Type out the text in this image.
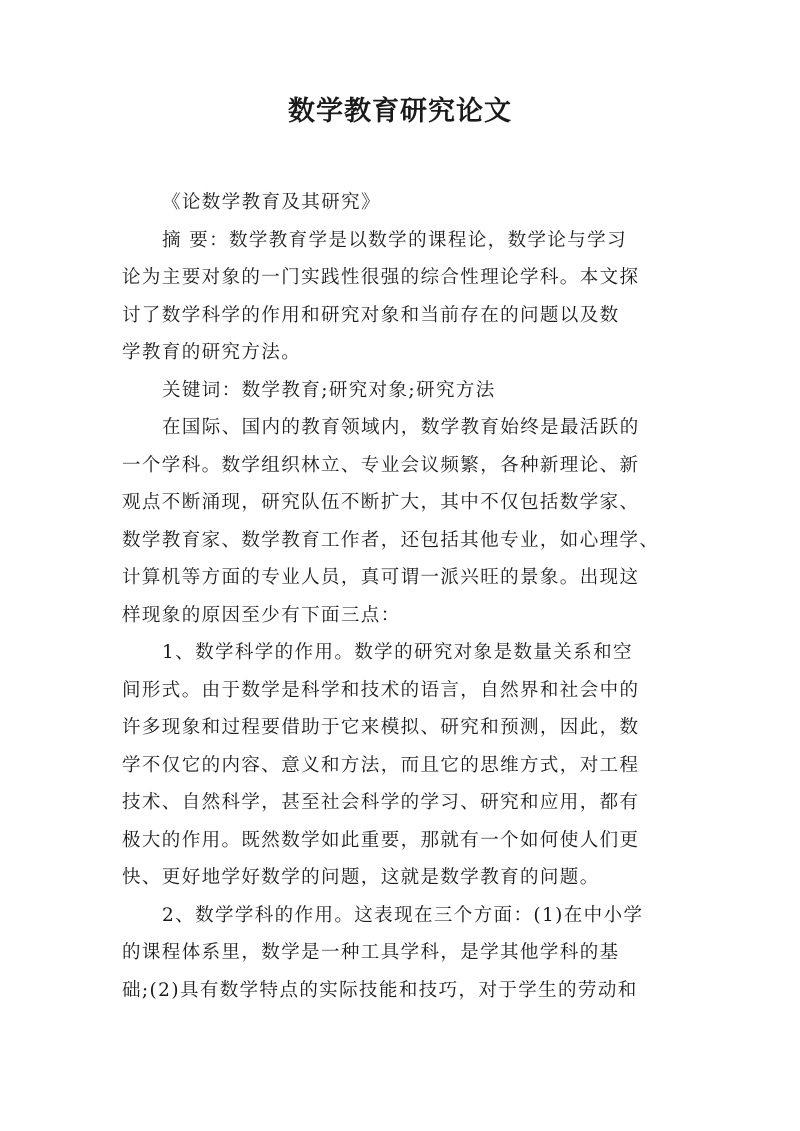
数学教育研究论文
《论数学教育及其研究》
摘 要：数学教育学是以数学的课程论，数学论与学习
论为主要对象的一门实践性很强的综合性理论学科。本文探
讨了数学科学的作用和研究对象和当前存在的问题以及数
学教育的研究方法。
关键词：数学教育;研究对象;研究方法
在国际、国内的教育领域内，数学教育始终是最活跃的
一个学科。数学组织林立、专业会议频繁，各种新理论、新
观点不断涌现，研究队伍不断扩大，其中不仅包括数学家、
数学教育家、数学教育工作者，还包括其他专业，如心理学、
计算机等方面的专业人员，真可谓一派兴旺的景象。出现这
样现象的原因至少有下面三点：
1、数学科学的作用。数学的研究对象是数量关系和空
间形式。由于数学是科学和技术的语言，自然界和社会中的
许多现象和过程要借助于它来模拟、研究和预测，因此，数
学不仅它的内容、意义和方法，而且它的思维方式，对工程
技术、自然科学，甚至社会科学的学习、研究和应用，都有
极大的作用。既然数学如此重要，那就有一个如何使人们更
快、更好地学好数学的问题，这就是数学教育的问题。
2、数学学科的作用。这表现在三个方面：(1)在中小学
的课程体系里，数学是一种工具学科，是学其他学科的基
础;(2)具有数学特点的实际技能和技巧，对于学生的劳动和
